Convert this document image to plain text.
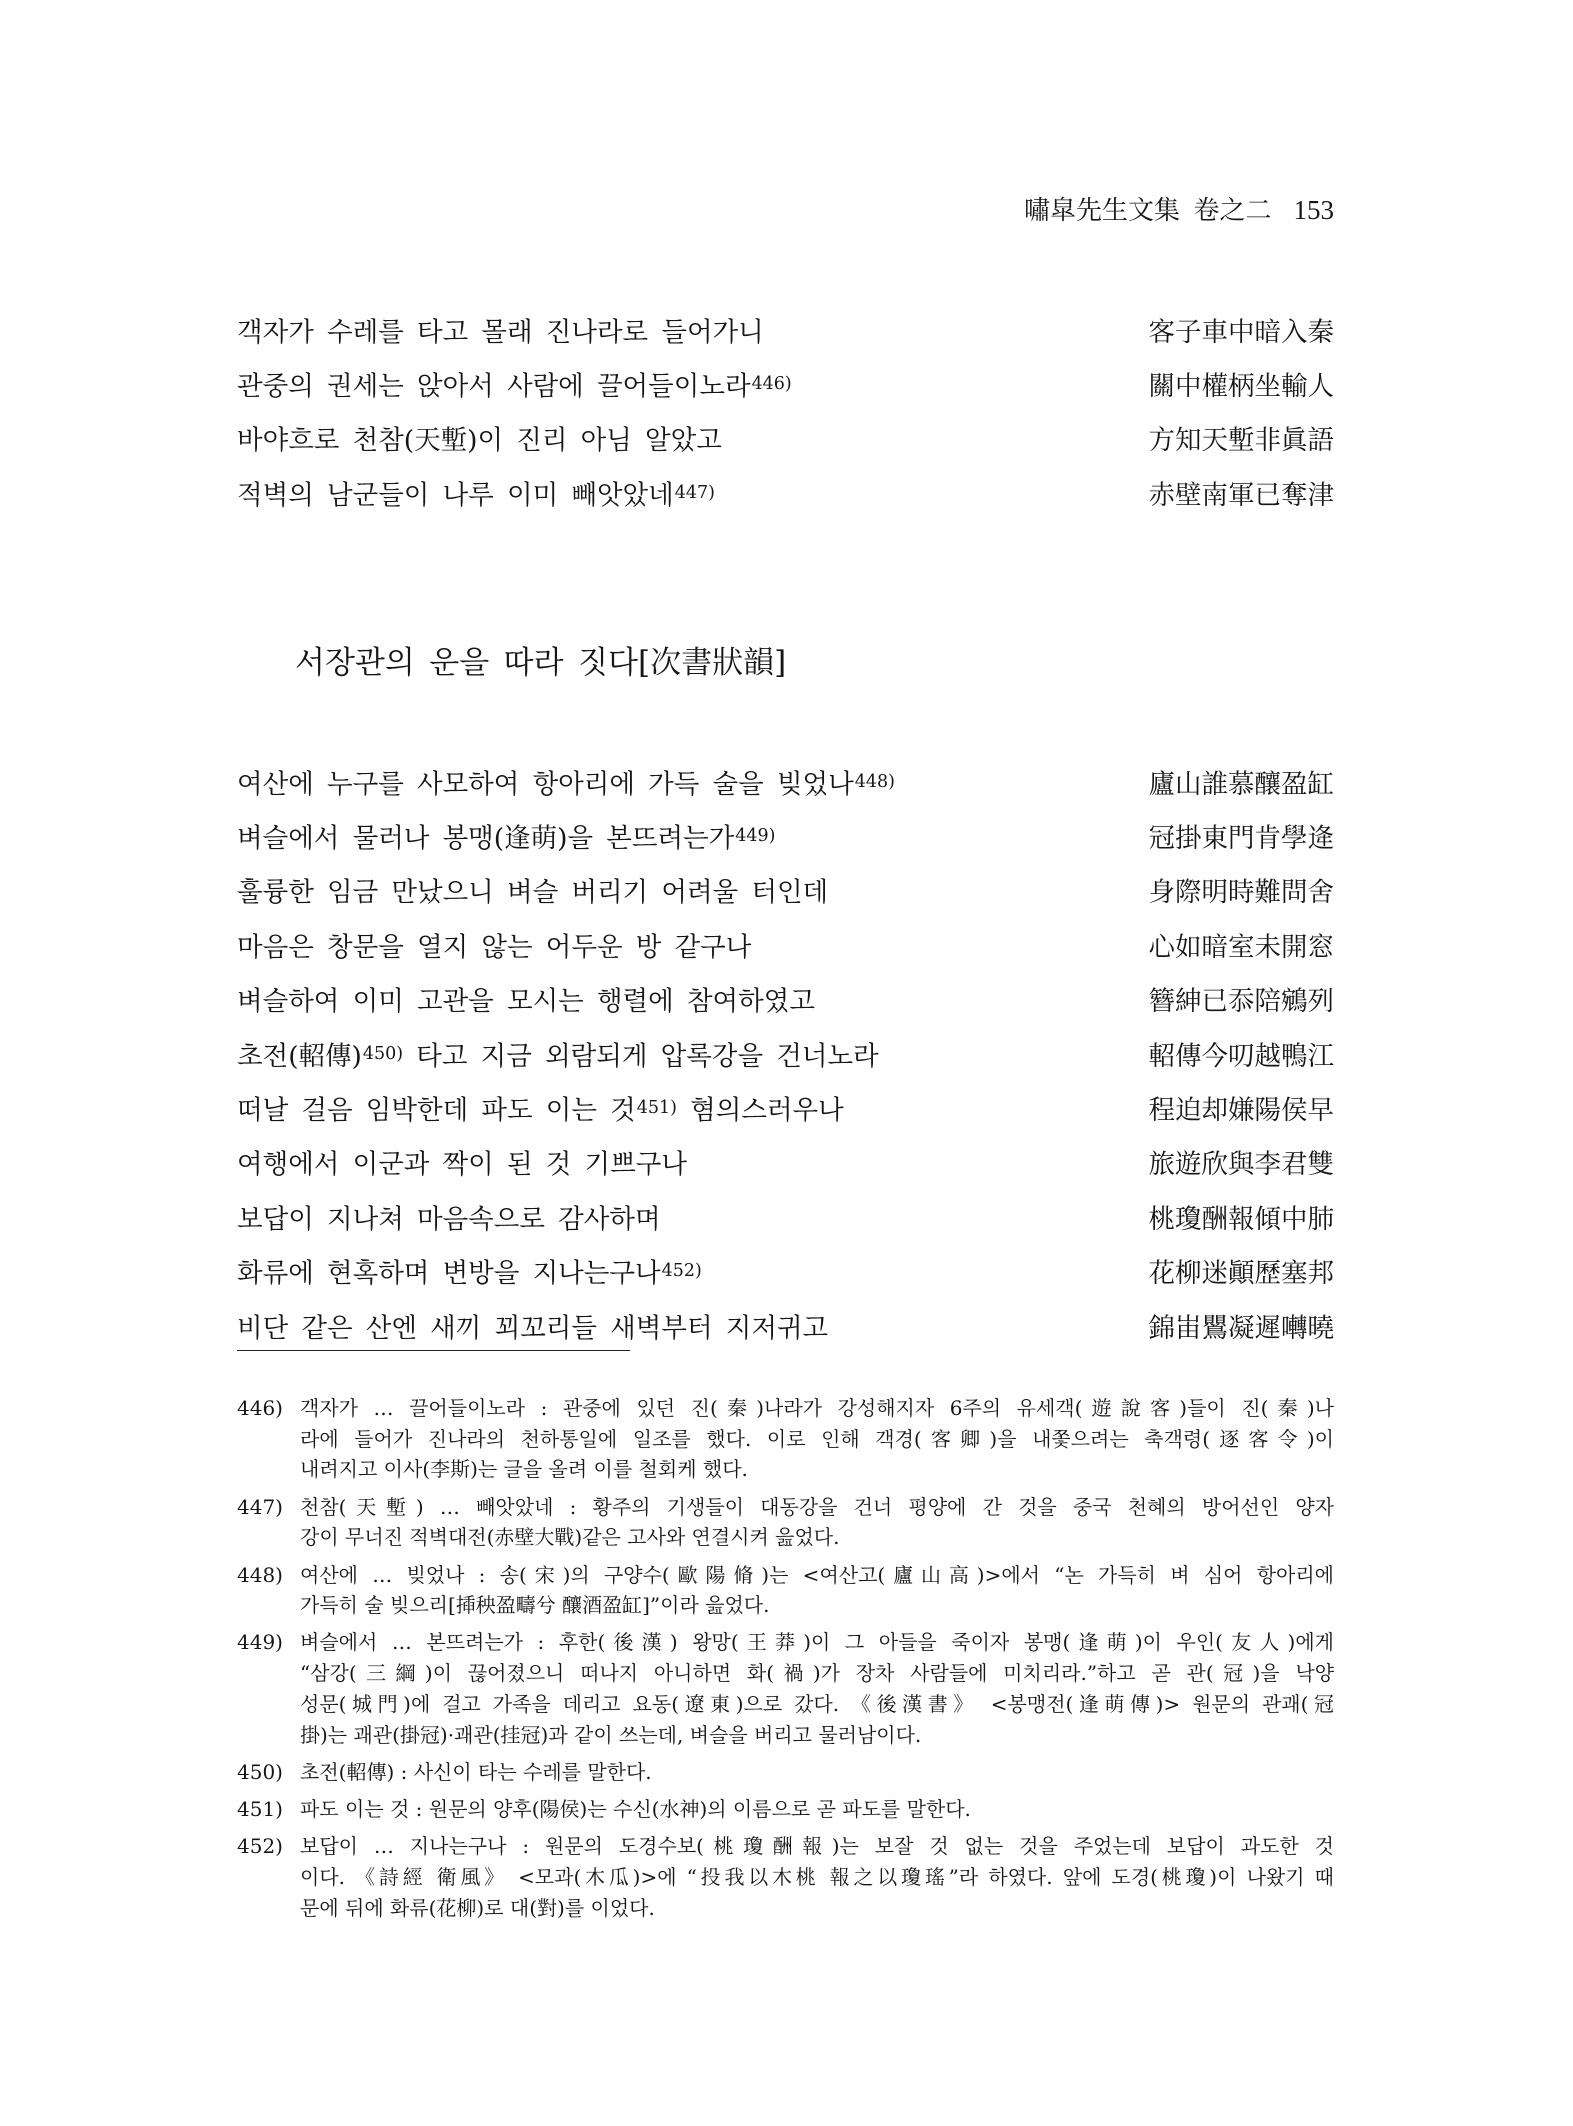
嘯皐先生文集 卷之二 153
객자가 수레를 타고 몰래 진나라로 들어가니	客子車中暗入秦
관중의 권세는 앉아서 사람에 끌어들이노라$^{446)}$	關中權柄坐輸人
바야흐로 천참(天塹)이 진리 아님 알았고	方知天塹非眞語
적벽의 남군들이 나루 이미 빼앗았네$^{447)}$	赤壁南軍已奪津
서장관의 운을 따라 짓다[次書狀韻]
여산에 누구를 사모하여 항아리에 가득 술을 빚었나$^{448)}$	廬山誰慕釀盈缸
벼슬에서 물러나 봉맹(逢萌)을 본뜨려는가$^{449)}$	冠掛東門肯學逄
훌륭한 임금 만났으니 벼슬 버리기 어려울 터인데	身際明時難問舍
마음은 창문을 열지 않는 어두운 방 같구나	心如暗室未開窓
벼슬하여 이미 고관을 모시는 행렬에 참여하였고	簪紳已忝陪鵷列
초전(軺傳)$^{450)}$ 타고 지금 외람되게 압록강을 건너노라	軺傳今叨越鴨江
떠날 걸음 임박한데 파도 이는 것$^{451)}$ 혐의스러우나	程迫却嫌陽侯早
여행에서 이군과 짝이 된 것 기쁘구나	旅遊欣與李君雙
보답이 지나쳐 마음속으로 감사하며	桃瓊酬報傾中肺
화류에 현혹하며 변방을 지나는구나$^{452)}$	花柳迷顚歷塞邦
비단 같은 산엔 새끼 꾀꼬리들 새벽부터 지저귀고	錦峀鸎凝遲囀曉
446) 객자가 … 끌어들이노라 : 관중에 있던 진(秦)나라가 강성해지자 6주의 유세객(遊說客)들이 진(秦)나
라에 들어가 진나라의 천하통일에 일조를 했다. 이로 인해 객경(客卿)을 내쫓으려는 축객령(逐客令)이
내려지고 이사(李斯)는 글을 올려 이를 철회케 했다.
447) 천참(天塹) … 빼앗았네 : 황주의 기생들이 대동강을 건너 평양에 간 것을 중국 천혜의 방어선인 양자
강이 무너진 적벽대전(赤壁大戰)같은 고사와 연결시켜 읊었다.
448) 여산에 … 빚었나 : 송(宋)의 구양수(歐陽脩)는 <여산고(廬山高)>에서 “논 가득히 벼 심어 항아리에
가득히 술 빚으리[揷秧盈疇兮 釀酒盈缸]”이라 읊었다.
449) 벼슬에서 … 본뜨려는가 : 후한(後漢) 왕망(王莽)이 그 아들을 죽이자 봉맹(逢萌)이 우인(友人)에게
“삼강(三綱)이 끊어졌으니 떠나지 아니하면 화(禍)가 장차 사람들에 미치리라.”하고 곧 관(冠)을 낙양
성문(城門)에 걸고 가족을 데리고 요동(遼東)으로 갔다. 《後漢書》 <봉맹전(逢萌傳)> 원문의 관괘(冠
掛)는 괘관(掛冠)·괘관(挂冠)과 같이 쓰는데, 벼슬을 버리고 물러남이다.
450) 초전(軺傳) : 사신이 타는 수레를 말한다.
451) 파도 이는 것 : 원문의 양후(陽侯)는 수신(水神)의 이름으로 곧 파도를 말한다.
452) 보답이 … 지나는구나 : 원문의 도경수보(桃瓊酬報)는 보잘 것 없는 것을 주었는데 보답이 과도한 것
이다. 《詩經 衛風》 <모과(木瓜)>에 “投我以木桃 報之以瓊瑤”라 하였다. 앞에 도경(桃瓊)이 나왔기 때
문에 뒤에 화류(花柳)로 대(對)를 이었다.
